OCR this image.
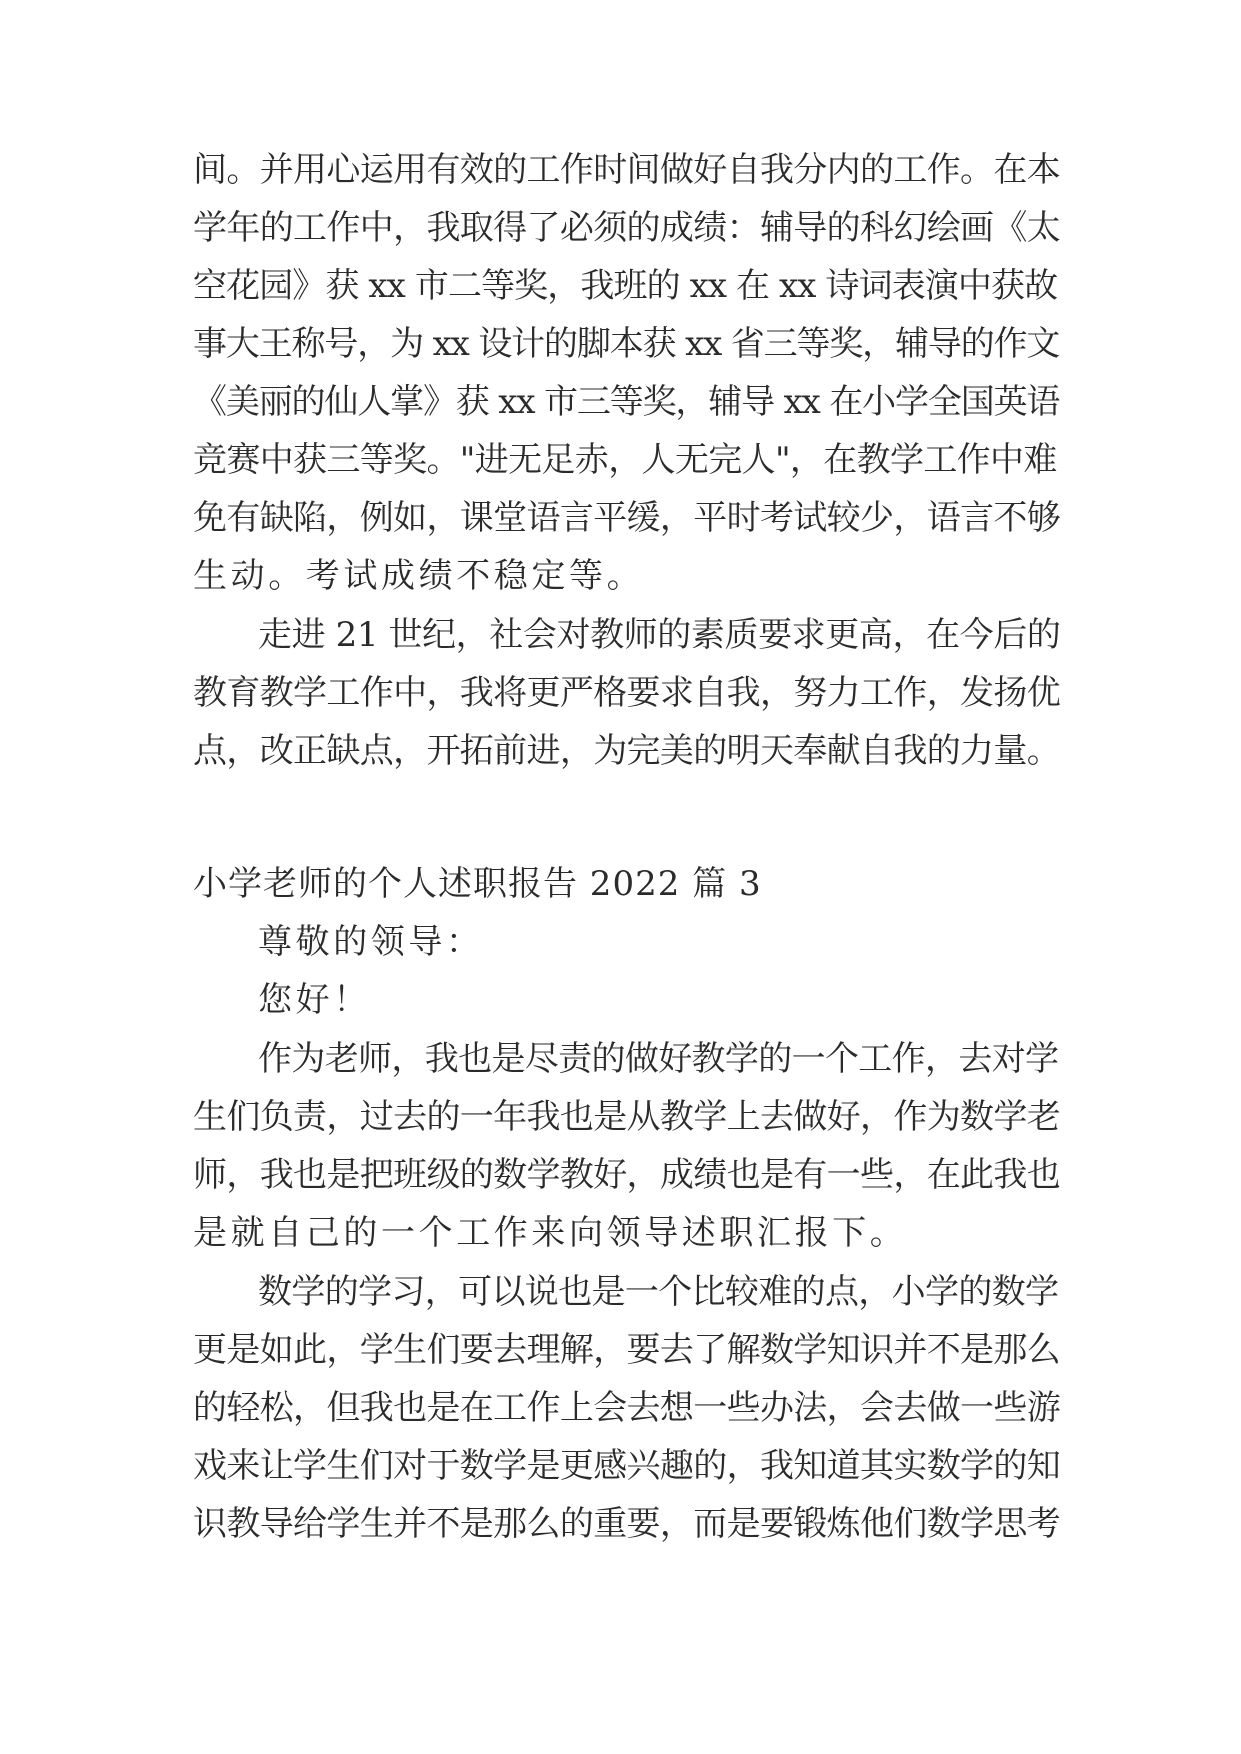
间。并用心运用有效的工作时间做好自我分内的工作。在本
学年的工作中，我取得了必须的成绩：辅导的科幻绘画《太
空花园》获 xx 市二等奖，我班的 xx 在 xx 诗词表演中获故
事大王称号，为 xx 设计的脚本获 xx 省三等奖，辅导的作文
《美丽的仙人掌》获 xx 市三等奖，辅导 xx 在小学全国英语
竞赛中获三等奖。"进无足赤，人无完人"，在教学工作中难
免有缺陷，例如，课堂语言平缓，平时考试较少，语言不够
生动。考试成绩不稳定等。
走进 21 世纪，社会对教师的素质要求更高，在今后的
教育教学工作中，我将更严格要求自我，努力工作，发扬优
点，改正缺点，开拓前进，为完美的明天奉献自我的力量。
小学老师的个人述职报告 2022 篇 3
尊敬的领导：
您好！
作为老师，我也是尽责的做好教学的一个工作，去对学
生们负责，过去的一年我也是从教学上去做好，作为数学老
师，我也是把班级的数学教好，成绩也是有一些，在此我也
是就自己的一个工作来向领导述职汇报下。
数学的学习，可以说也是一个比较难的点，小学的数学
更是如此，学生们要去理解，要去了解数学知识并不是那么
的轻松，但我也是在工作上会去想一些办法，会去做一些游
戏来让学生们对于数学是更感兴趣的，我知道其实数学的知
识教导给学生并不是那么的重要，而是要锻炼他们数学思考
